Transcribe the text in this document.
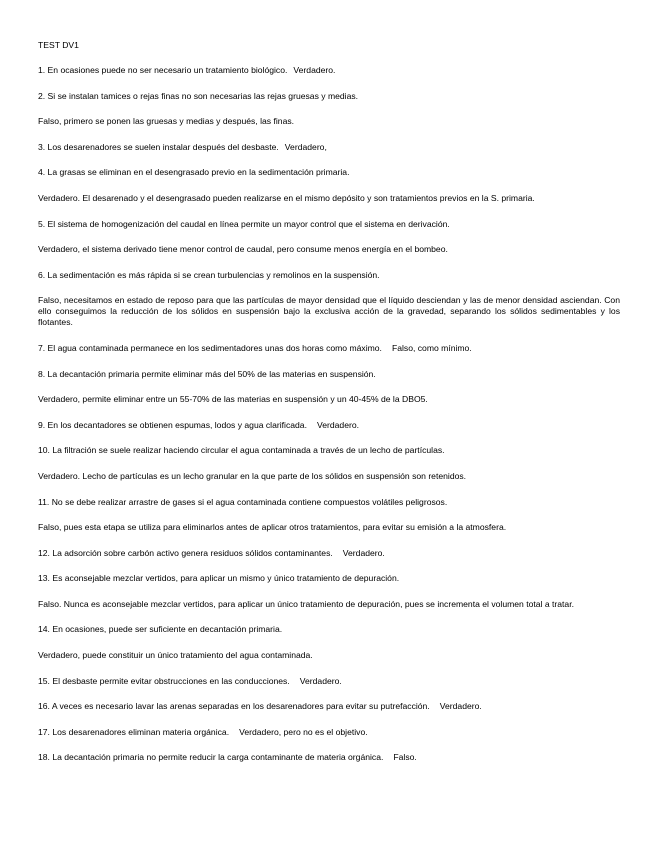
TEST DV1
1. En ocasiones puede no ser necesario un tratamiento biológico. Verdadero.
2. Si se instalan tamices o rejas finas no son necesarias las rejas gruesas y medias.
Falso, primero se ponen las gruesas y medias y después, las finas.
3. Los desarenadores se suelen instalar después del desbaste. Verdadero,
4. La grasas se eliminan en el desengrasado previo en la sedimentación primaria.
Verdadero. El desarenado y el desengrasado pueden realizarse en el mismo depósito y son tratamientos previos en la S. primaria.
5. El sistema de homogenización del caudal en línea permite un mayor control que el sistema en derivación.
Verdadero, el sistema derivado tiene menor control de caudal, pero consume menos energía en el bombeo.
6. La sedimentación es más rápida si se crean turbulencias y remolinos en la suspensión.
Falso, necesitamos en estado de reposo para que las partículas de mayor densidad que el líquido desciendan y las de menor densidad asciendan. Con ello conseguimos la reducción de los sólidos en suspensión bajo la exclusiva acción de la gravedad, separando los sólidos sedimentables y los flotantes.
7. El agua contaminada permanece en los sedimentadores unas dos horas como máximo. Falso, como mínimo.
8. La decantación primaria permite eliminar más del 50% de las materias en suspensión.
Verdadero, permite eliminar entre un 55-70% de las materias en suspensión y un 40-45% de la DBO5.
9. En los decantadores se obtienen espumas, lodos y agua clarificada. Verdadero.
10. La filtración se suele realizar haciendo circular el agua contaminada a través de un lecho de partículas.
Verdadero. Lecho de partículas es un lecho granular en la que parte de los sólidos en suspensión son retenidos.
11. No se debe realizar arrastre de gases si el agua contaminada contiene compuestos volátiles peligrosos.
Falso, pues esta etapa se utiliza para eliminarlos antes de aplicar otros tratamientos, para evitar su emisión a la atmosfera.
12. La adsorción sobre carbón activo genera residuos sólidos contaminantes. Verdadero.
13. Es aconsejable mezclar vertidos, para aplicar un mismo y único tratamiento de depuración.
Falso. Nunca es aconsejable mezclar vertidos, para aplicar un único tratamiento de depuración, pues se incrementa el volumen total a tratar.
14. En ocasiones, puede ser suficiente en decantación primaria.
Verdadero, puede constituir un único tratamiento del agua contaminada.
15. El desbaste permite evitar obstrucciones en las conducciones. Verdadero.
16. A veces es necesario lavar las arenas separadas en los desarenadores para evitar su putrefacción. Verdadero.
17. Los desarenadores eliminan materia orgánica. Verdadero, pero no es el objetivo.
18. La decantación primaria no permite reducir la carga contaminante de materia orgánica. Falso.
